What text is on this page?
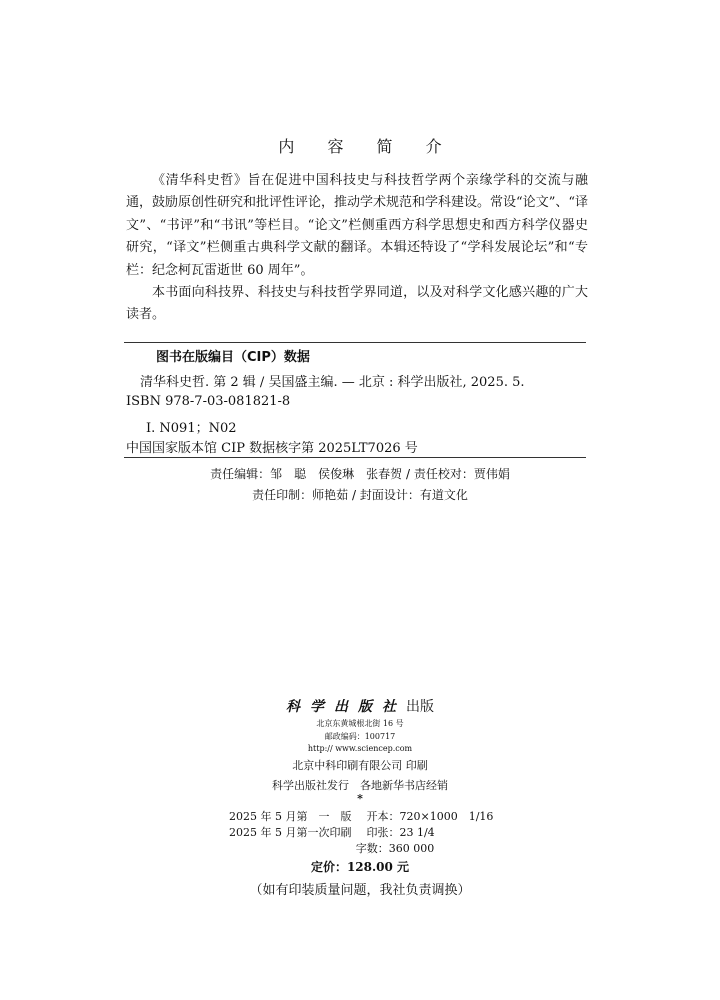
内 容 简 介

《清华科史哲》旨在促进中国科技史与科技哲学两个亲缘学科的交流与融通，鼓励原创性研究和批评性评论，推动学术规范和学科建设。常设“论文”、“译文”、“书评”和“书讯”等栏目。“论文”栏侧重西方科学思想史和西方科学仪器史研究，“译文”栏侧重古典科学文献的翻译。本辑还特设了“学科发展论坛”和“专栏：纪念柯瓦雷逝世 60 周年”。

本书面向科技界、科技史与科技哲学界同道，以及对科学文化感兴趣的广大读者。

图书在版编目（CIP）数据
清华科史哲. 第 2 辑 / 吴国盛主编. — 北京 : 科学出版社, 2025. 5.
ISBN 978-7-03-081821-8
Ⅰ. N091；N02
中国国家版本馆 CIP 数据核字第 2025LT7026 号
责任编辑：邹　聪　侯俊琳　张春贺 / 责任校对：贾伟娟
责任印制：师艳茹 / 封面设计：有道文化
科学出版社出版
北京东黄城根北街 16 号
邮政编码：100717
http:// www.sciencep.com
北京中科印刷有限公司 印刷
科学出版社发行　各地新华书店经销
*
2025 年 5 月第　一　版 开本：720×1000　1/16
2025 年 5 月第一次印刷 印张：23 1/4
字数：360 000
定价：128.00 元
（如有印装质量问题，我社负责调换）
